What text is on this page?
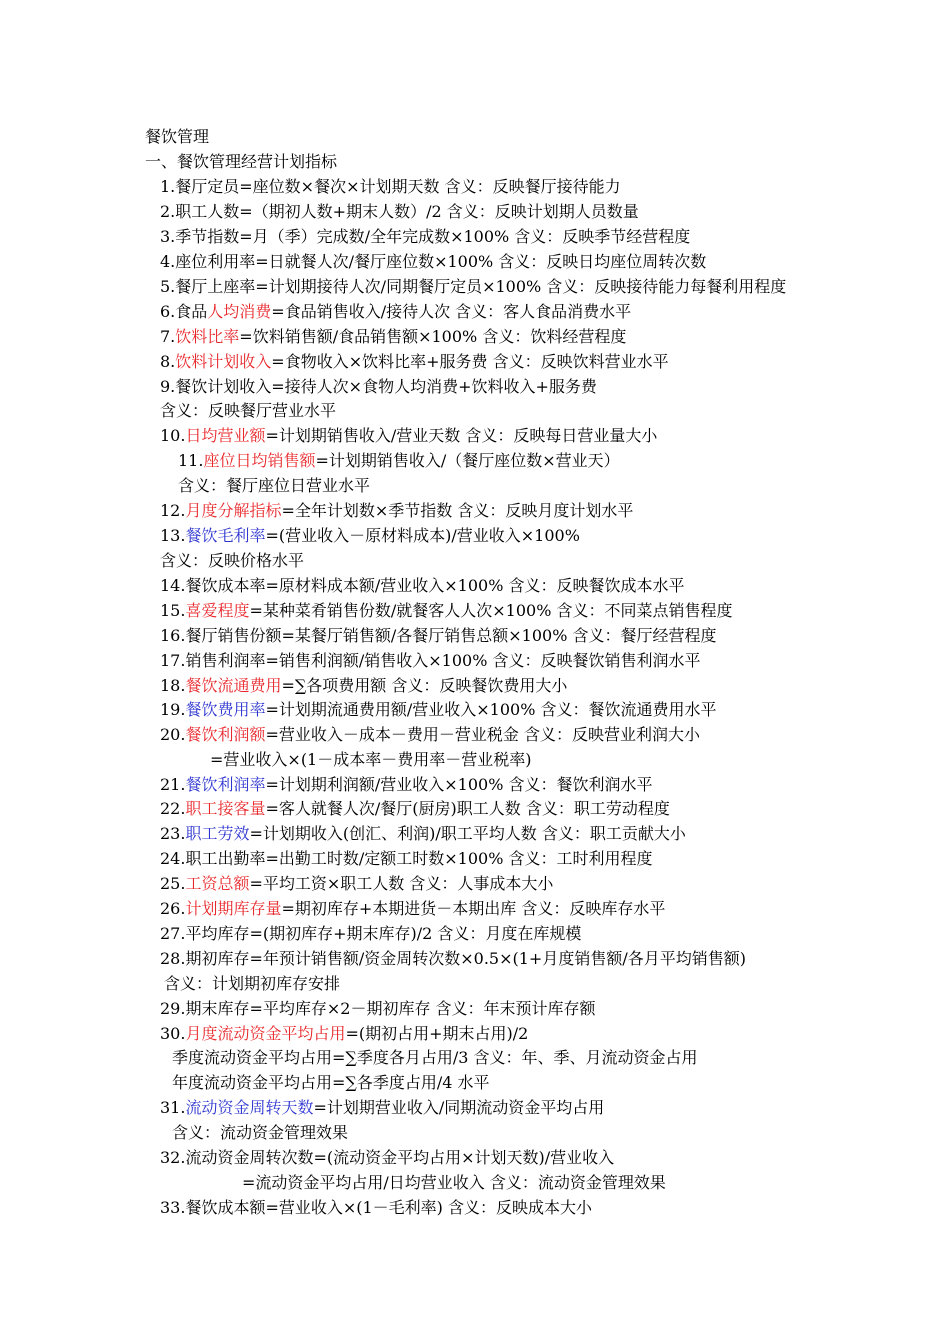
餐饮管理
一、餐饮管理经营计划指标
1.餐厅定员=座位数×餐次×计划期天数 含义：反映餐厅接待能力
2.职工人数=（期初人数+期末人数）/2 含义：反映计划期人员数量
3.季节指数=月（季）完成数/全年完成数×100% 含义：反映季节经营程度
4.座位利用率=日就餐人次/餐厅座位数×100% 含义：反映日均座位周转次数
5.餐厅上座率=计划期接待人次/同期餐厅定员×100% 含义：反映接待能力每餐利用程度
6.食品人均消费=食品销售收入/接待人次 含义：客人食品消费水平
7.饮料比率=饮料销售额/食品销售额×100% 含义：饮料经营程度
8.饮料计划收入=食物收入×饮料比率+服务费 含义：反映饮料营业水平
9.餐饮计划收入=接待人次×食物人均消费+饮料收入+服务费
含义：反映餐厅营业水平
10.日均营业额=计划期销售收入/营业天数 含义：反映每日营业量大小
11.座位日均销售额=计划期销售收入/（餐厅座位数×营业天）
含义：餐厅座位日营业水平
12.月度分解指标=全年计划数×季节指数 含义：反映月度计划水平
13.餐饮毛利率=(营业收入－原材料成本)/营业收入×100%
含义：反映价格水平
14.餐饮成本率=原材料成本额/营业收入×100% 含义：反映餐饮成本水平
15.喜爱程度=某种菜肴销售份数/就餐客人人次×100% 含义：不同菜点销售程度
16.餐厅销售份额=某餐厅销售额/各餐厅销售总额×100% 含义：餐厅经营程度
17.销售利润率=销售利润额/销售收入×100% 含义：反映餐饮销售利润水平
18.餐饮流通费用=∑各项费用额 含义：反映餐饮费用大小
19.餐饮费用率=计划期流通费用额/营业收入×100% 含义：餐饮流通费用水平
20.餐饮利润额=营业收入－成本－费用－营业税金 含义：反映营业利润大小
=营业收入×(1－成本率－费用率－营业税率)
21.餐饮利润率=计划期利润额/营业收入×100% 含义：餐饮利润水平
22.职工接客量=客人就餐人次/餐厅(厨房)职工人数 含义：职工劳动程度
23.职工劳效=计划期收入(创汇、利润)/职工平均人数 含义：职工贡献大小
24.职工出勤率=出勤工时数/定额工时数×100% 含义：工时利用程度
25.工资总额=平均工资×职工人数 含义：人事成本大小
26.计划期库存量=期初库存+本期进货－本期出库 含义：反映库存水平
27.平均库存=(期初库存+期末库存)/2 含义：月度在库规模
28.期初库存=年预计销售额/资金周转次数×0.5×(1+月度销售额/各月平均销售额)
含义：计划期初库存安排
29.期末库存=平均库存×2－期初库存 含义：年末预计库存额
30.月度流动资金平均占用=(期初占用+期末占用)/2
季度流动资金平均占用=∑季度各月占用/3 含义：年、季、月流动资金占用
年度流动资金平均占用=∑各季度占用/4 水平
31.流动资金周转天数=计划期营业收入/同期流动资金平均占用
含义：流动资金管理效果
32.流动资金周转次数=(流动资金平均占用×计划天数)/营业收入
=流动资金平均占用/日均营业收入 含义：流动资金管理效果
33.餐饮成本额=营业收入×(1－毛利率) 含义：反映成本大小
